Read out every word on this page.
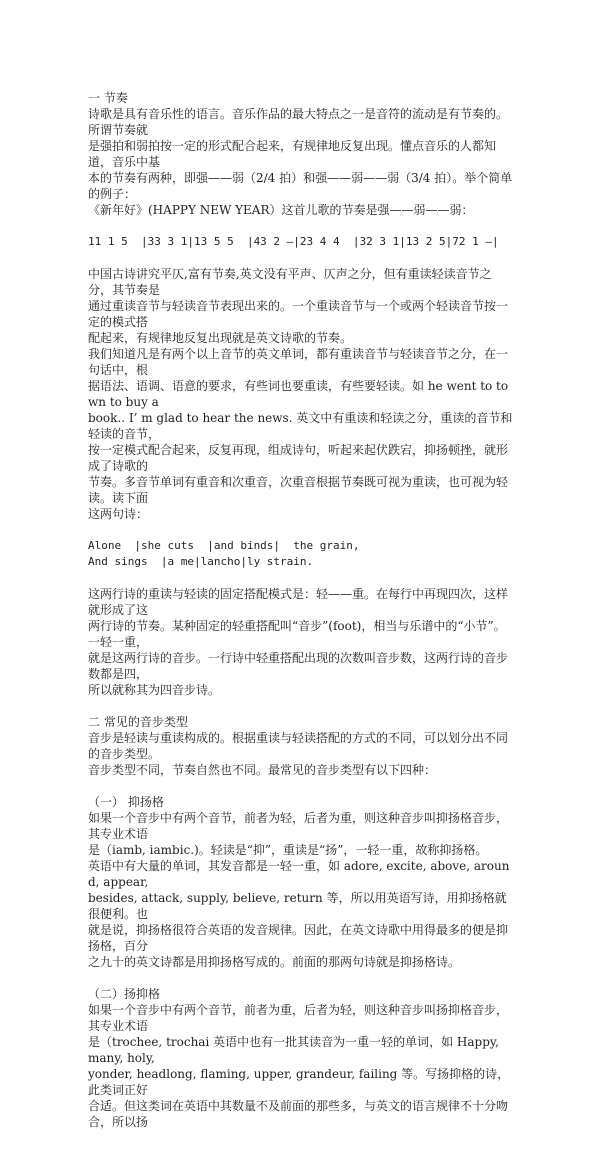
一 节奏
诗歌是具有音乐性的语言。音乐作品的最大特点之一是音符的流动是有节奏的。所谓节奏就
是强拍和弱拍按一定的形式配合起来，有规律地反复出现。懂点音乐的人都知道，音乐中基
本的节奏有两种，即强——弱（2/4 拍）和强——弱——弱（3/4 拍）。举个简单的例子：
《新年好》(HAPPY NEW YEAR）这首儿歌的节奏是强——弱——弱：
11 1 5  |33 3 1|13 5 5  |43 2 —|23 4 4  |32 3 1|13 2 5|72 1 —|
中国古诗讲究平仄,富有节奏,英文没有平声、仄声之分，但有重读轻读音节之分，其节奏是
通过重读音节与轻读音节表现出来的。一个重读音节与一个或两个轻读音节按一定的模式搭
配起来，有规律地反复出现就是英文诗歌的节奏。
我们知道凡是有两个以上音节的英文单词，都有重读音节与轻读音节之分，在一句话中，根
据语法、语调、语意的要求，有些词也要重读，有些要轻读。如 he went to town to buy a
book.. I’ m glad to hear the news. 英文中有重读和轻读之分，重读的音节和轻读的音节，
按一定模式配合起来，反复再现，组成诗句，听起来起伏跌宕，抑扬顿挫，就形成了诗歌的
节奏。多音节单词有重音和次重音，次重音根据节奏既可视为重读，也可视为轻读。读下面
这两句诗：
Alone  |she cuts  |and binds|  the grain,
And sings  |a me|lancho|ly strain.
这两行诗的重读与轻读的固定搭配模式是：轻——重。在每行中再现四次，这样就形成了这
两行诗的节奏。某种固定的轻重搭配叫“音步”(foot)，相当与乐谱中的“小节”。一轻一重，
就是这两行诗的音步。一行诗中轻重搭配出现的次数叫音步数，这两行诗的音步数都是四，
所以就称其为四音步诗。
二 常见的音步类型
音步是轻读与重读构成的。根据重读与轻读搭配的方式的不同，可以划分出不同的音步类型。
音步类型不同，节奏自然也不同。最常见的音步类型有以下四种：
（一） 抑扬格
如果一个音步中有两个音节，前者为轻，后者为重，则这种音步叫抑扬格音步，其专业术语
是（iamb, iambic.)。轻读是“抑”，重读是“扬”，一轻一重，故称抑扬格。
英语中有大量的单词，其发音都是一轻一重，如 adore, excite, above, around, appear,
besides, attack, supply, believe, return 等，所以用英语写诗，用抑扬格就很便利。也
就是说，抑扬格很符合英语的发音规律。因此，在英文诗歌中用得最多的便是抑扬格，百分
之九十的英文诗都是用抑扬格写成的。前面的那两句诗就是抑扬格诗。
（二）扬抑格
如果一个音步中有两个音节，前者为重，后者为轻，则这种音步叫扬抑格音步，其专业术语
是（trochee, trochai 英语中也有一批其读音为一重一轻的单词，如 Happy, many, holy,
yonder, headlong, flaming, upper, grandeur, failing 等。写扬抑格的诗，此类词正好
合适。但这类词在英语中其数量不及前面的那些多，与英文的语言规律不十分吻合，所以扬
